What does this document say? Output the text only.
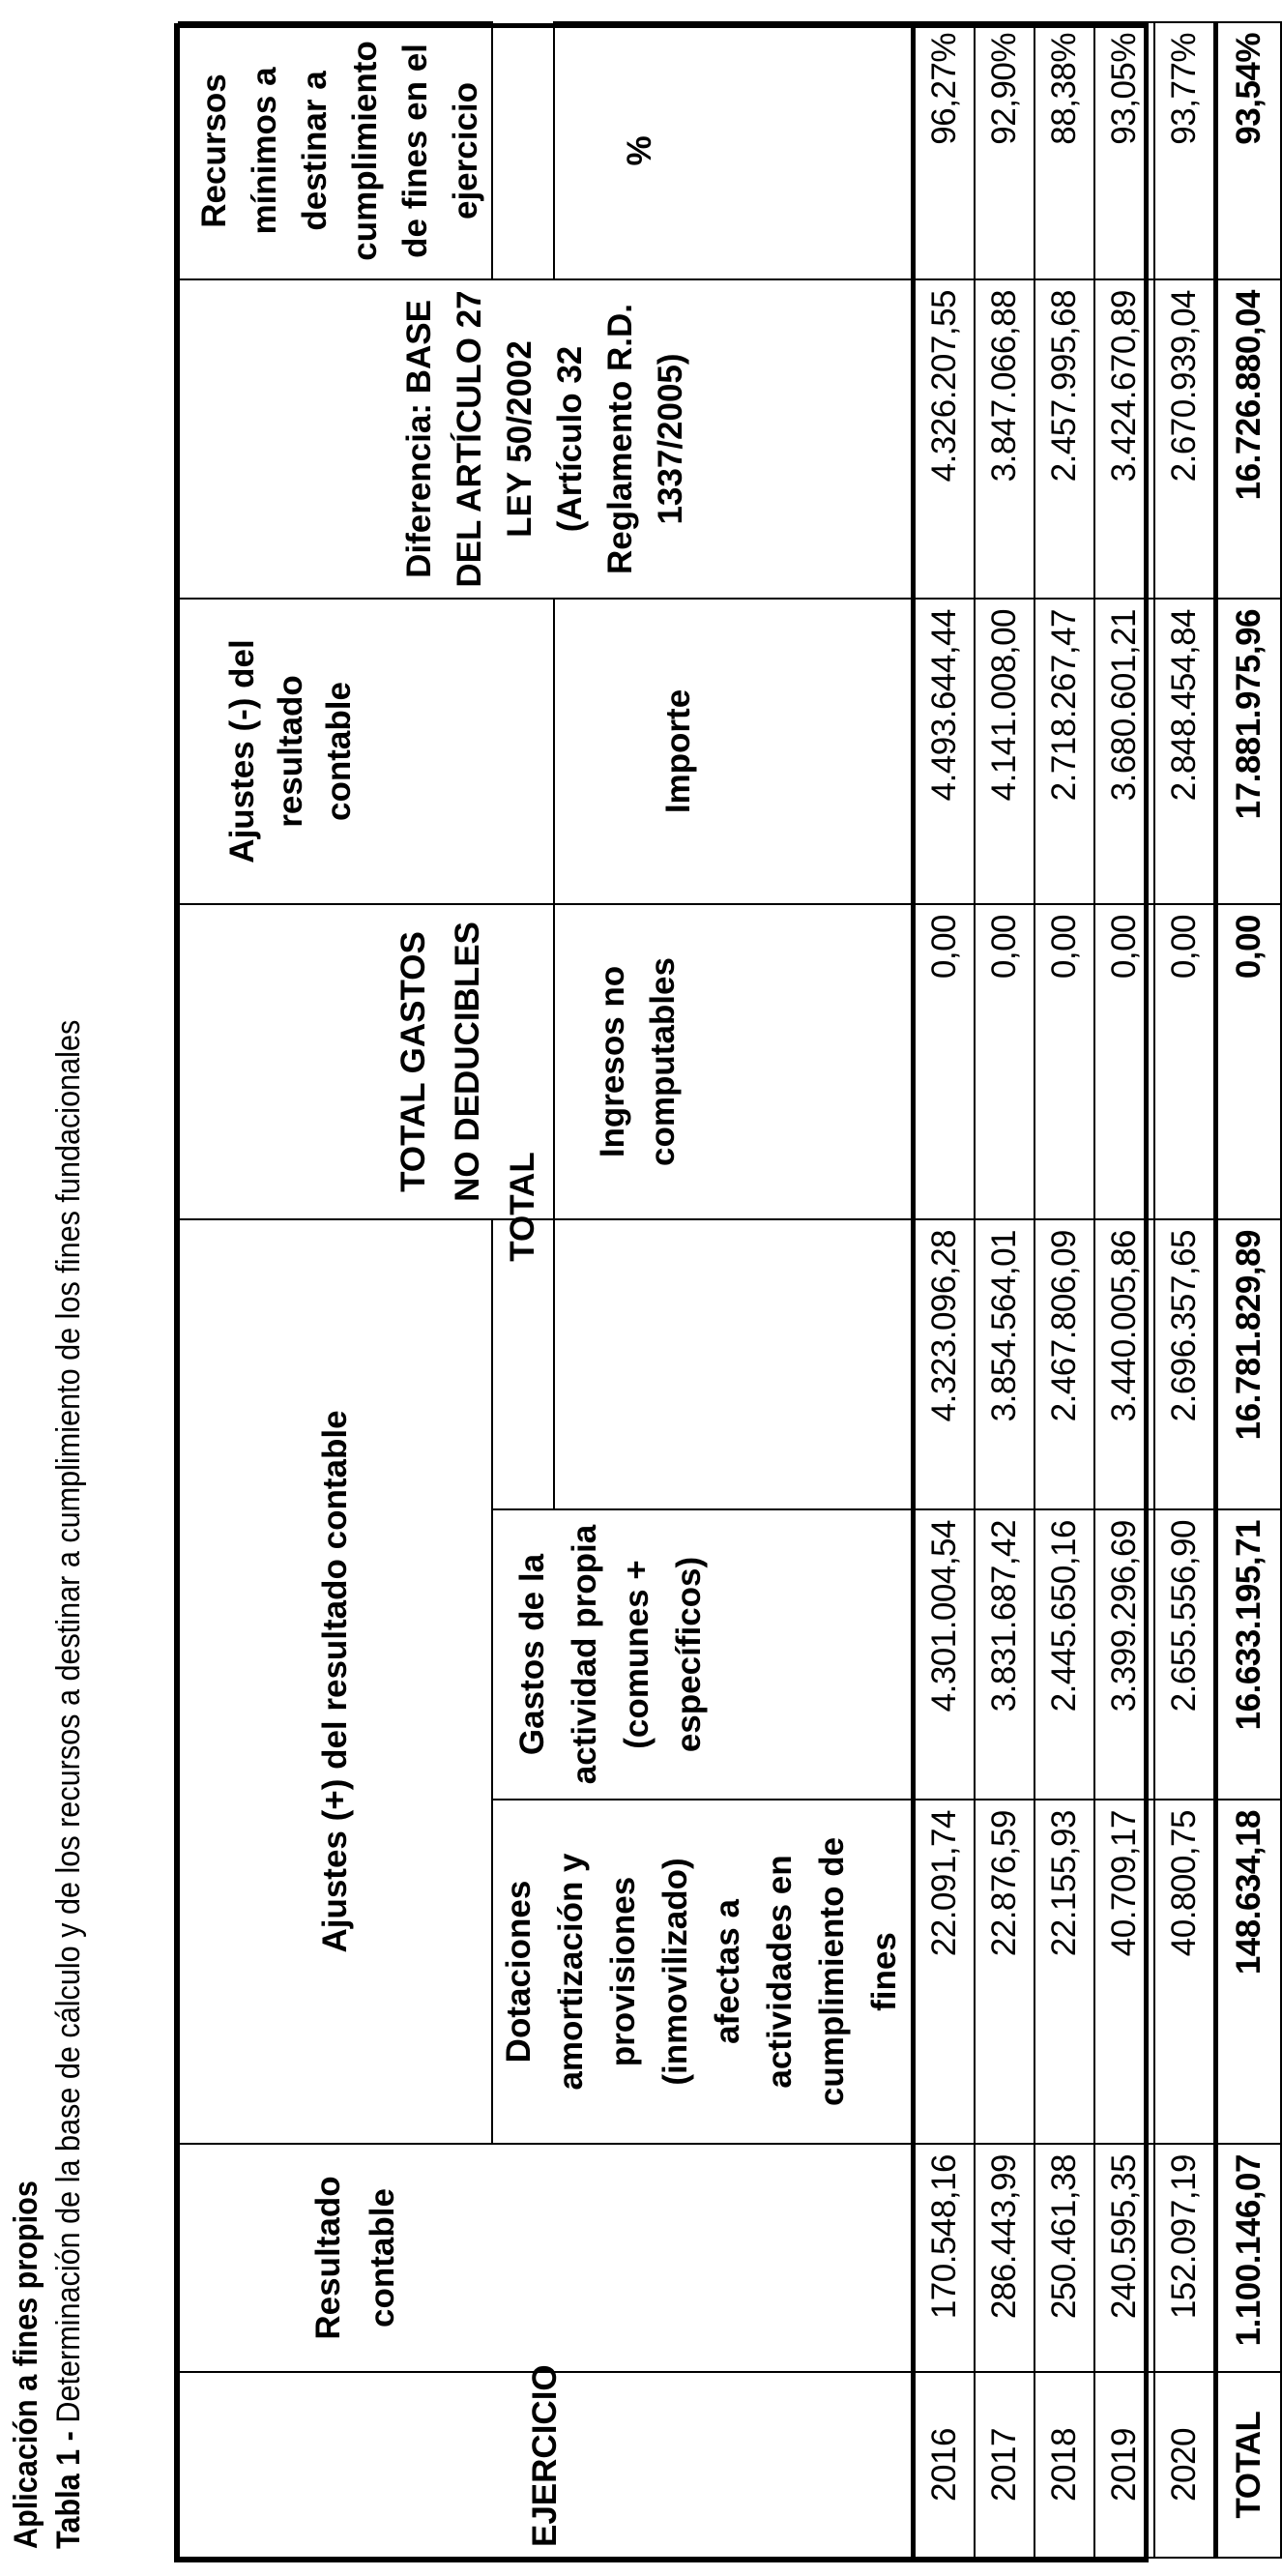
Aplicación a fines propios Tabla 1 - Determinación de la base de cálculo y de los recursos a destinar a cumplimiento de los fines fundacionales
EJERCICIO	Resultado contable	Ajustes (+) del resultado contable			TOTAL GASTOS NO DEDUCIBLES	Ajustes (-) del resultado contable	Diferencia: BASE DEL ARTÍCULO 27 LEY 50/2002 (Artículo 32 Reglamento R.D. 1337/2005)	Recursos mínimos a destinar a cumplimiento de fines en el ejercicio
		Dotaciones amortización y provisiones (inmovilizado) afectas a actividades en cumplimiento de fines	Gastos de la actividad propia (comunes + específicos)	TOTAL				
					Ingresos no computables	Importe		%
2016	170.548,16	22.091,74	4.301.004,54	4.323.096,28	0,00	4.493.644,44	4.326.207,55	96,27%
2017	286.443,99	22.876,59	3.831.687,42	3.854.564,01	0,00	4.141.008,00	3.847.066,88	92,90%
2018	250.461,38	22.155,93	2.445.650,16	2.467.806,09	0,00	2.718.267,47	2.457.995,68	88,38%
2019	240.595,35	40.709,17	3.399.296,69	3.440.005,86	0,00	3.680.601,21	3.424.670,89	93,05%
2020	152.097,19	40.800,75	2.655.556,90	2.696.357,65	0,00	2.848.454,84	2.670.939,04	93,77%
TOTAL	1.100.146,07	148.634,18	16.633.195,71	16.781.829,89	0,00	17.881.975,96	16.726.880,04	93,54%
